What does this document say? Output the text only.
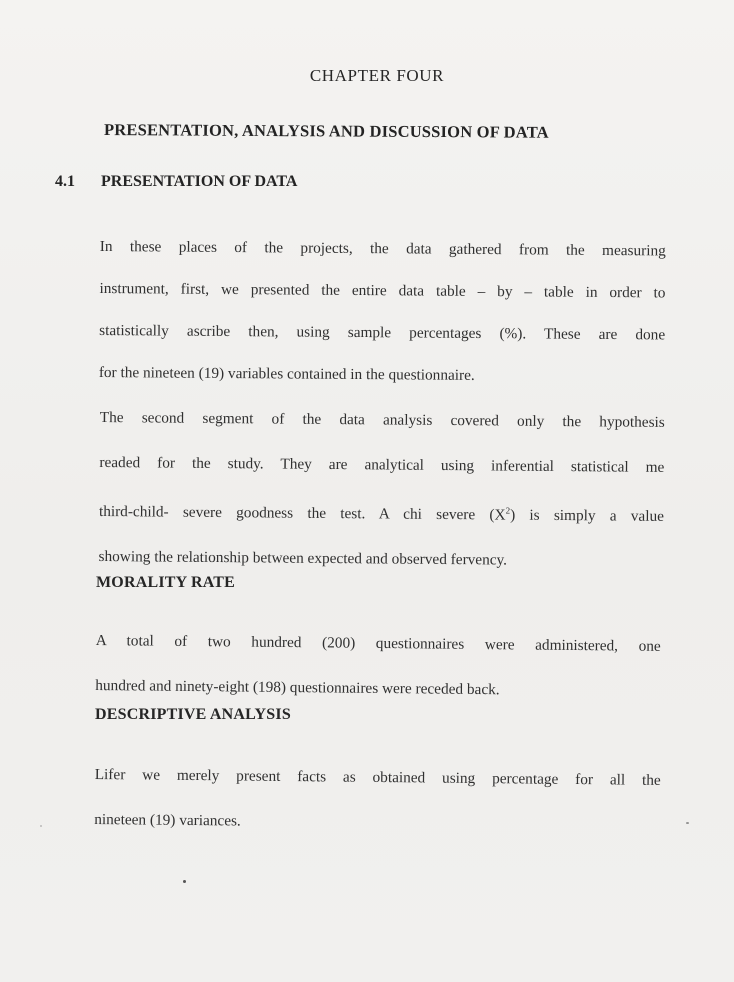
CHAPTER FOUR
PRESENTATION, ANALYSIS AND DISCUSSION OF DATA
4.1 PRESENTATION OF DATA

In these places of the projects, the data gathered from the measuring
instrument, first, we presented the entire data table – by – table in order to
statistically ascribe then, using sample percentages (%). These are done
for the nineteen (19) variables contained in the questionnaire.

The second segment of the data analysis covered only the hypothesis
readed for the study. They are analytical using inferential statistical me
third-child- severe goodness the test. A chi severe $(X^2)$ is simply a value
showing the relationship between expected and observed fervency.

MORALITY RATE

A total of two hundred (200) questionnaires were administered, one
hundred and ninety-eight (198) questionnaires were receded back.

DESCRIPTIVE ANALYSIS

Lifer we merely present facts as obtained using percentage for all the
nineteen (19) variances.
